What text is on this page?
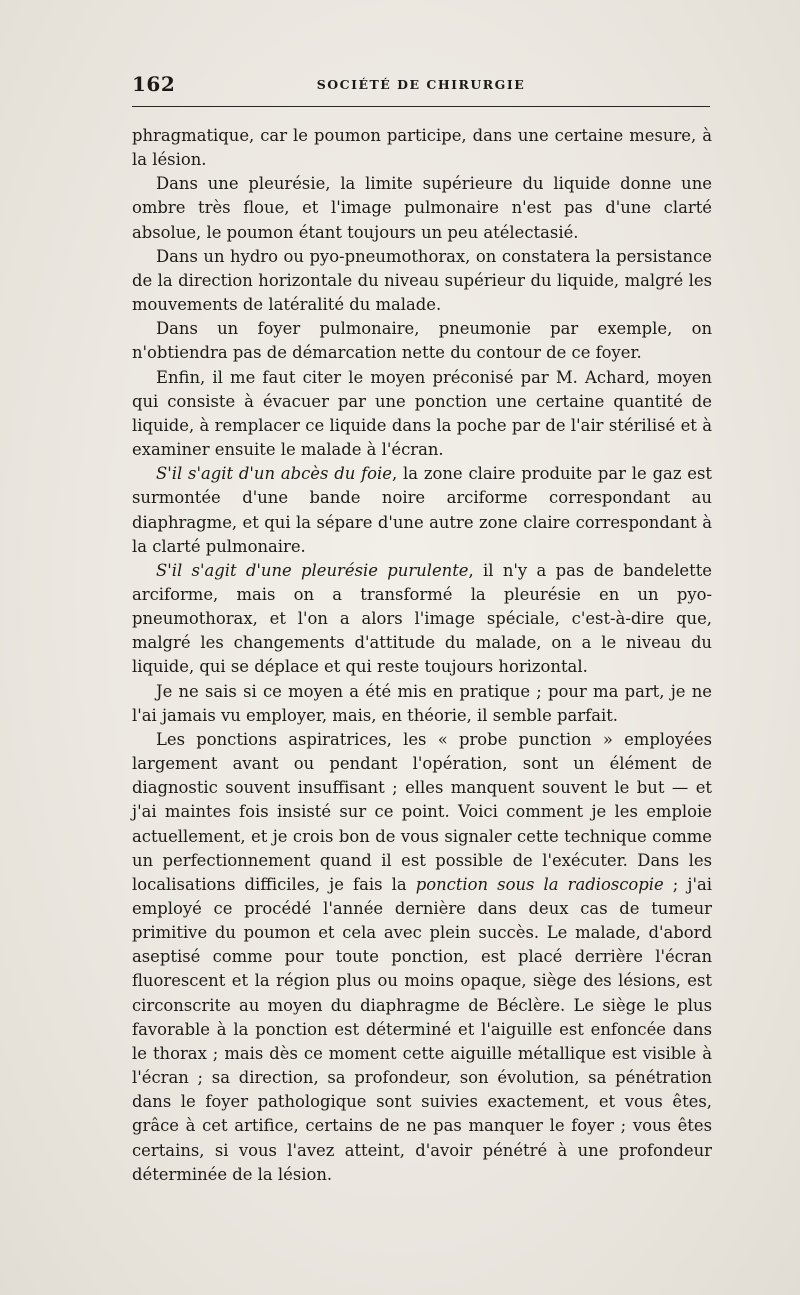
162	SOCIÉTÉ DE CHIRURGIE

phragmatique, car le poumon participe, dans une certaine mesure, à la lésion.

Dans une pleurésie, la limite supérieure du liquide donne une ombre très floue, et l'image pulmonaire n'est pas d'une clarté absolue, le poumon étant toujours un peu atélectasié.

Dans un hydro ou pyo-pneumothorax, on constatera la persistance de la direction horizontale du niveau supérieur du liquide, malgré les mouvements de latéralité du malade.

Dans un foyer pulmonaire, pneumonie par exemple, on n'obtiendra pas de démarcation nette du contour de ce foyer.

Enfin, il me faut citer le moyen préconisé par M. Achard, moyen qui consiste à évacuer par une ponction une certaine quantité de liquide, à remplacer ce liquide dans la poche par de l'air stérilisé et à examiner ensuite le malade à l'écran.

S'il s'agit d'un abcès du foie, la zone claire produite par le gaz est surmontée d'une bande noire arciforme correspondant au diaphragme, et qui la sépare d'une autre zone claire correspondant à la clarté pulmonaire.

S'il s'agit d'une pleurésie purulente, il n'y a pas de bandelette arciforme, mais on a transformé la pleurésie en un pyo-pneumothorax, et l'on a alors l'image spéciale, c'est-à-dire que, malgré les changements d'attitude du malade, on a le niveau du liquide, qui se déplace et qui reste toujours horizontal.

Je ne sais si ce moyen a été mis en pratique ; pour ma part, je ne l'ai jamais vu employer, mais, en théorie, il semble parfait.

Les ponctions aspiratrices, les « probe punction » employées largement avant ou pendant l'opération, sont un élément de diagnostic souvent insuffisant ; elles manquent souvent le but — et j'ai maintes fois insisté sur ce point. Voici comment je les emploie actuellement, et je crois bon de vous signaler cette technique comme un perfectionnement quand il est possible de l'exécuter. Dans les localisations difficiles, je fais la ponction sous la radioscopie ; j'ai employé ce procédé l'année dernière dans deux cas de tumeur primitive du poumon et cela avec plein succès. Le malade, d'abord aseptisé comme pour toute ponction, est placé derrière l'écran fluorescent et la région plus ou moins opaque, siège des lésions, est circonscrite au moyen du diaphragme de Béclère. Le siège le plus favorable à la ponction est déterminé et l'aiguille est enfoncée dans le thorax ; mais dès ce moment cette aiguille métallique est visible à l'écran ; sa direction, sa profondeur, son évolution, sa pénétration dans le foyer pathologique sont suivies exactement, et vous êtes, grâce à cet artifice, certains de ne pas manquer le foyer ; vous êtes certains, si vous l'avez atteint, d'avoir pénétré à une profondeur déterminée de la lésion.
